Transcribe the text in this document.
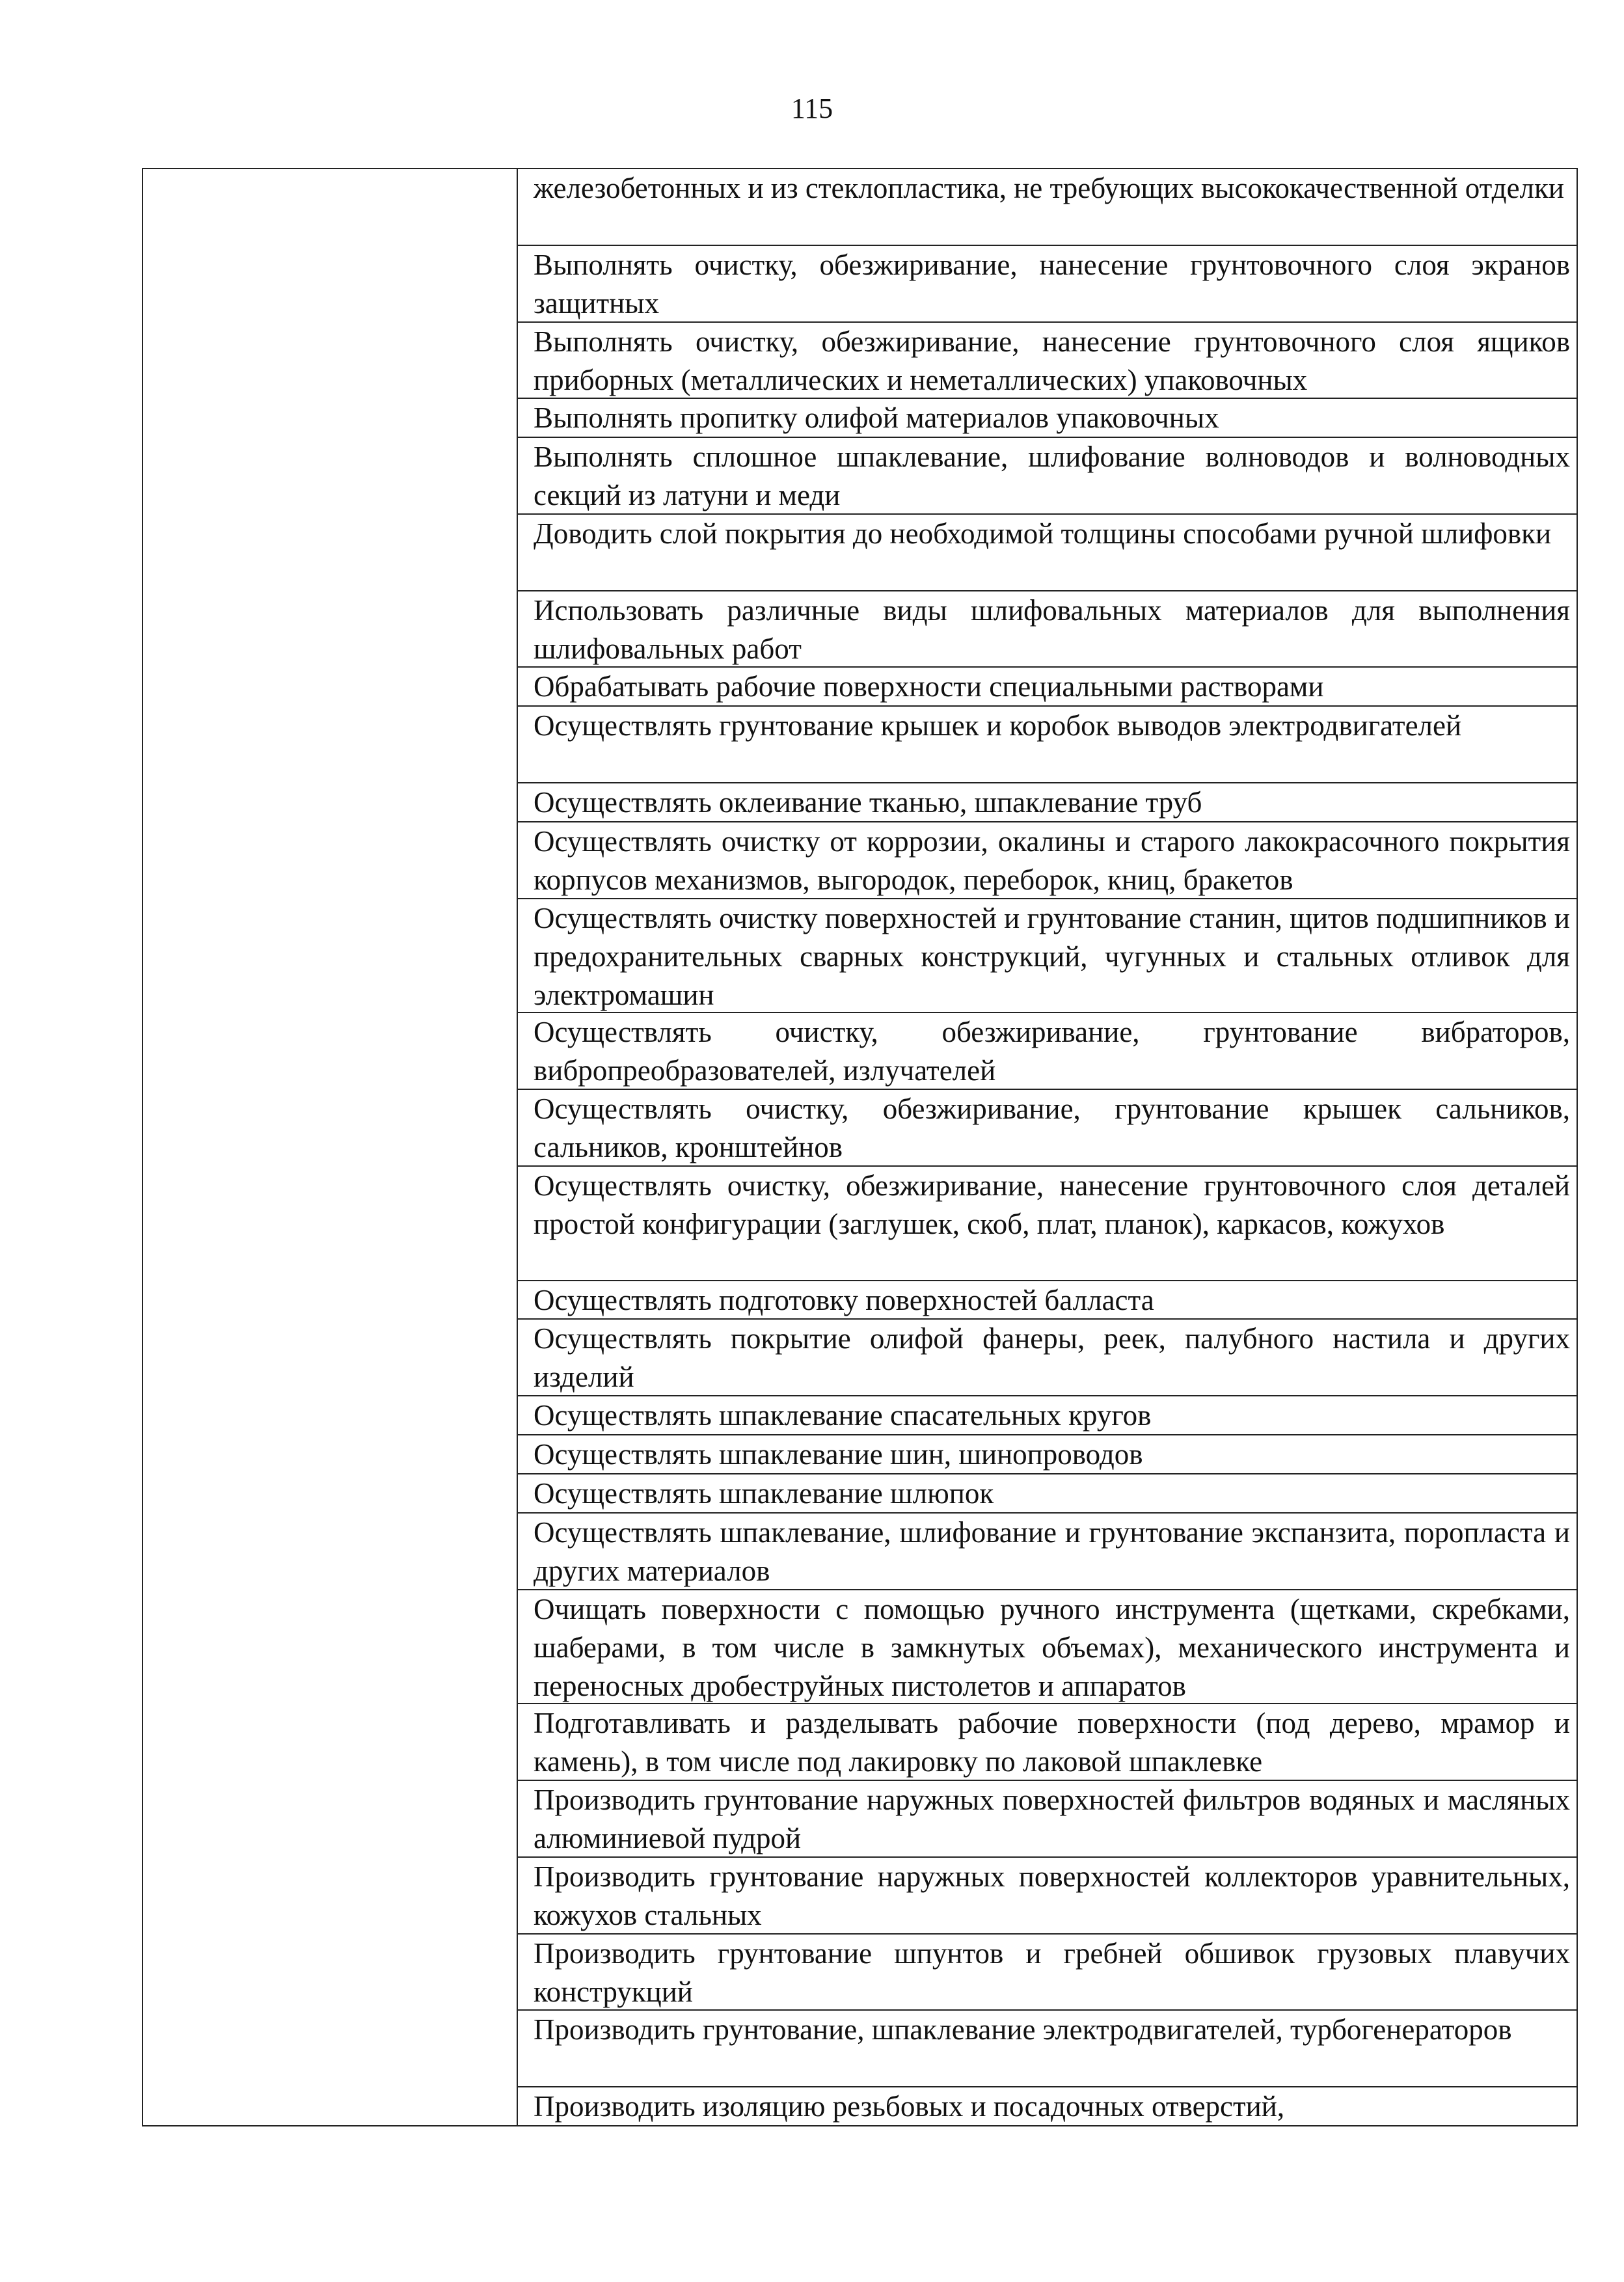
115

железобетонных и из стеклопластика, не требующих высококачественной отделки
Выполнять очистку, обезжиривание, нанесение грунтовочного слоя экранов защитных
Выполнять очистку, обезжиривание, нанесение грунтовочного слоя ящиков приборных (металлических и неметаллических) упаковочных
Выполнять пропитку олифой материалов упаковочных
Выполнять сплошное шпаклевание, шлифование волноводов и волноводных секций из латуни и меди
Доводить слой покрытия до необходимой толщины способами ручной шлифовки
Использовать различные виды шлифовальных материалов для выполнения шлифовальных работ
Обрабатывать рабочие поверхности специальными растворами
Осуществлять грунтование крышек и коробок выводов электродвигателей
Осуществлять оклеивание тканью, шпаклевание труб
Осуществлять очистку от коррозии, окалины и старого лакокрасочного покрытия корпусов механизмов, выгородок, переборок, книц, бракетов
Осуществлять очистку поверхностей и грунтование станин, щитов подшипников и предохранительных сварных конструкций, чугунных и стальных отливок для электромашин
Осуществлять очистку, обезжиривание, грунтование вибраторов, вибропреобразователей, излучателей
Осуществлять очистку, обезжиривание, грунтование крышек сальников, сальников, кронштейнов
Осуществлять очистку, обезжиривание, нанесение грунтовочного слоя деталей простой конфигурации (заглушек, скоб, плат, планок), каркасов, кожухов
Осуществлять подготовку поверхностей балласта
Осуществлять покрытие олифой фанеры, реек, палубного настила и других изделий
Осуществлять шпаклевание спасательных кругов
Осуществлять шпаклевание шин, шинопроводов
Осуществлять шпаклевание шлюпок
Осуществлять шпаклевание, шлифование и грунтование экспанзита, поропласта и других материалов
Очищать поверхности с помощью ручного инструмента (щетками, скребками, шаберами, в том числе в замкнутых объемах), механического инструмента и переносных дробеструйных пистолетов и аппаратов
Подготавливать и разделывать рабочие поверхности (под дерево, мрамор и камень), в том числе под лакировку по лаковой шпаклевке
Производить грунтование наружных поверхностей фильтров водяных и масляных алюминиевой пудрой
Производить грунтование наружных поверхностей коллекторов уравнительных, кожухов стальных
Производить грунтование шпунтов и гребней обшивок грузовых плавучих конструкций
Производить грунтование, шпаклевание электродвигателей, турбогенераторов
Производить изоляцию резьбовых и посадочных отверстий,
